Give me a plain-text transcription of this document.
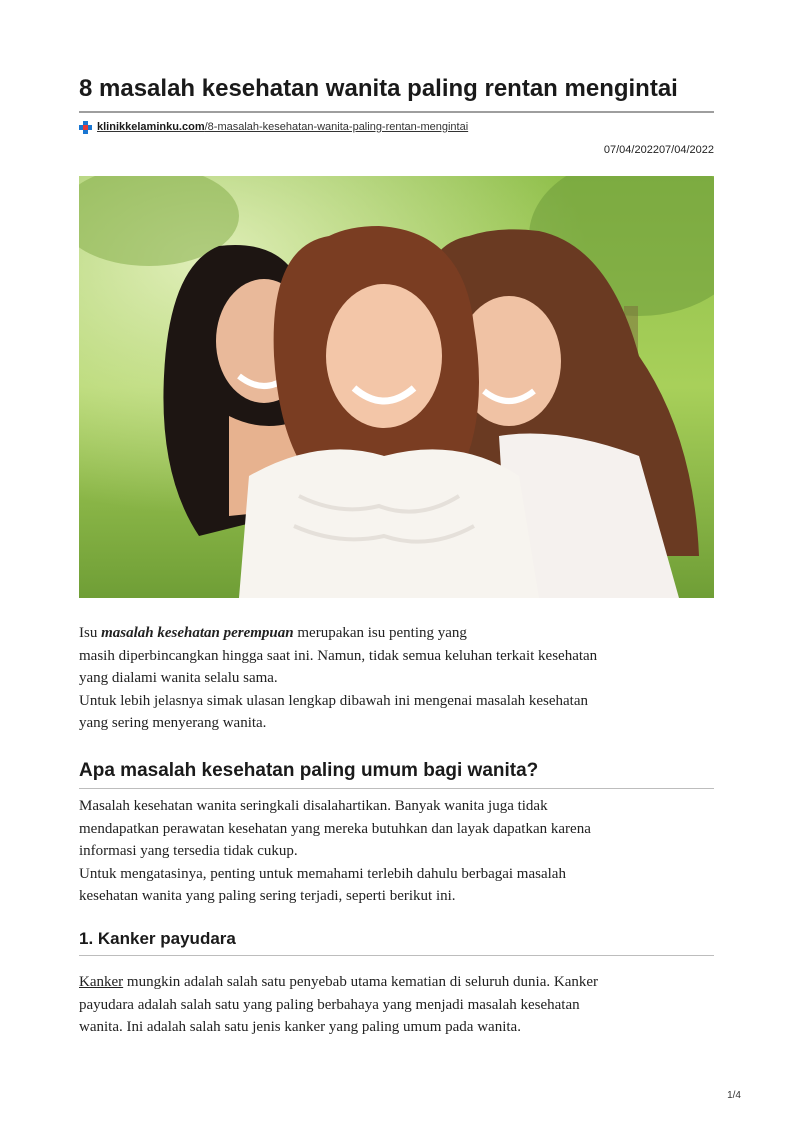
8 masalah kesehatan wanita paling rentan mengintai
klinikkelaminku.com/8-masalah-kesehatan-wanita-paling-rentan-mengintai
07/04/202207/04/2022

Isu masalah kesehatan perempuan merupakan isu penting yang
masih diperbincangkan hingga saat ini. Namun, tidak semua keluhan terkait kesehatan
yang dialami wanita selalu sama.
Untuk lebih jelasnya simak ulasan lengkap dibawah ini mengenai masalah kesehatan
yang sering menyerang wanita.

Apa masalah kesehatan paling umum bagi wanita?

Masalah kesehatan wanita seringkali disalahartikan. Banyak wanita juga tidak
mendapatkan perawatan kesehatan yang mereka butuhkan dan layak dapatkan karena
informasi yang tersedia tidak cukup.
Untuk mengatasinya, penting untuk memahami terlebih dahulu berbagai masalah
kesehatan wanita yang paling sering terjadi, seperti berikut ini.

1. Kanker payudara

Kanker mungkin adalah salah satu penyebab utama kematian di seluruh dunia. Kanker
payudara adalah salah satu yang paling berbahaya yang menjadi masalah kesehatan
wanita. Ini adalah salah satu jenis kanker yang paling umum pada wanita.

1/4
